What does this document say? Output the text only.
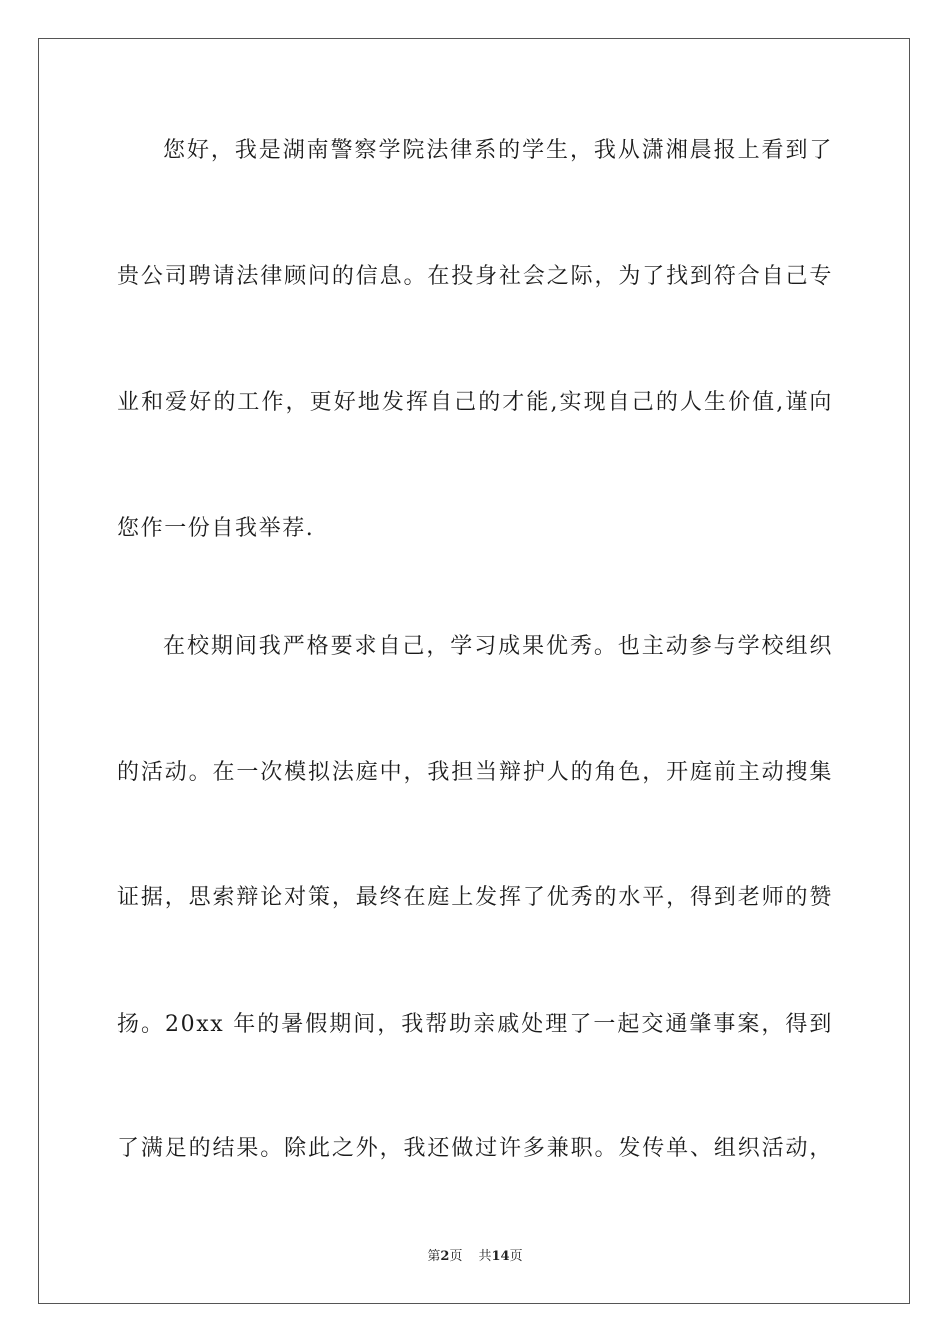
您好，我是湖南警察学院法律系的学生，我从潇湘晨报上看到了
贵公司聘请法律顾问的信息。在投身社会之际，为了找到符合自己专
业和爱好的工作，更好地发挥自己的才能,实现自己的人生价值,谨向
您作一份自我举荐.
在校期间我严格要求自己，学习成果优秀。也主动参与学校组织
的活动。在一次模拟法庭中，我担当辩护人的角色，开庭前主动搜集
证据，思索辩论对策，最终在庭上发挥了优秀的水平，得到老师的赞
扬。20xx 年的暑假期间，我帮助亲戚处理了一起交通肇事案，得到
了满足的结果。除此之外，我还做过许多兼职。发传单、组织活动，
第2页 共14页
